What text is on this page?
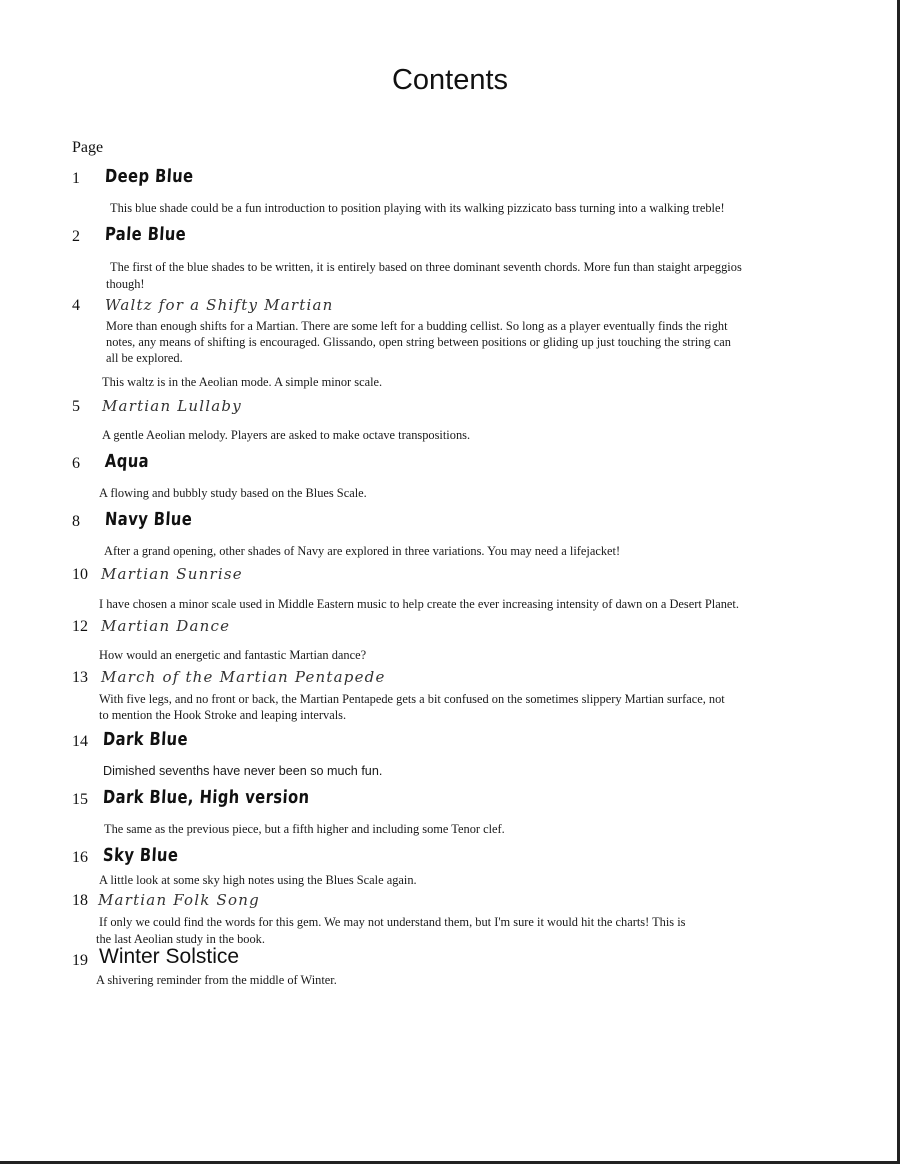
Contents
Page
1 Deep Blue
This blue shade could be a fun introduction to position playing with its walking pizzicato bass turning into a walking treble!
2 Pale Blue
The first of the blue shades to be written, it is entirely based on three dominant seventh chords. More fun than staight arpeggios
though!
4 Waltz for a Shifty Martian
More than enough shifts for a Martian. There are some left for a budding cellist. So long as a player eventually finds the right
notes, any means of shifting is encouraged. Glissando, open string between positions or gliding up just touching the string can
all be explored.
This waltz is in the Aeolian mode. A simple minor scale.
5 Martian Lullaby
A gentle Aeolian melody. Players are asked to make octave transpositions.
6 Aqua
A flowing and bubbly study based on the Blues Scale.
8 Navy Blue
After a grand opening, other shades of Navy are explored in three variations. You may need a lifejacket!
10 Martian Sunrise
I have chosen a minor scale used in Middle Eastern music to help create the ever increasing intensity of dawn on a Desert Planet.
12 Martian Dance
How would an energetic and fantastic Martian dance?
13 March of the Martian Pentapede
With five legs, and no front or back, the Martian Pentapede gets a bit confused on the sometimes slippery Martian surface, not
to mention the Hook Stroke and leaping intervals.
14 Dark Blue
Dimished sevenths have never been so much fun.
15 Dark Blue, High version
The same as the previous piece, but a fifth higher and including some Tenor clef.
16 Sky Blue
A little look at some sky high notes using the Blues Scale again.
18 Martian Folk Song
If only we could find the words for this gem. We may not understand them, but I'm sure it would hit the charts! This is
the last Aeolian study in the book.
19 Winter Solstice
A shivering reminder from the middle of Winter.
